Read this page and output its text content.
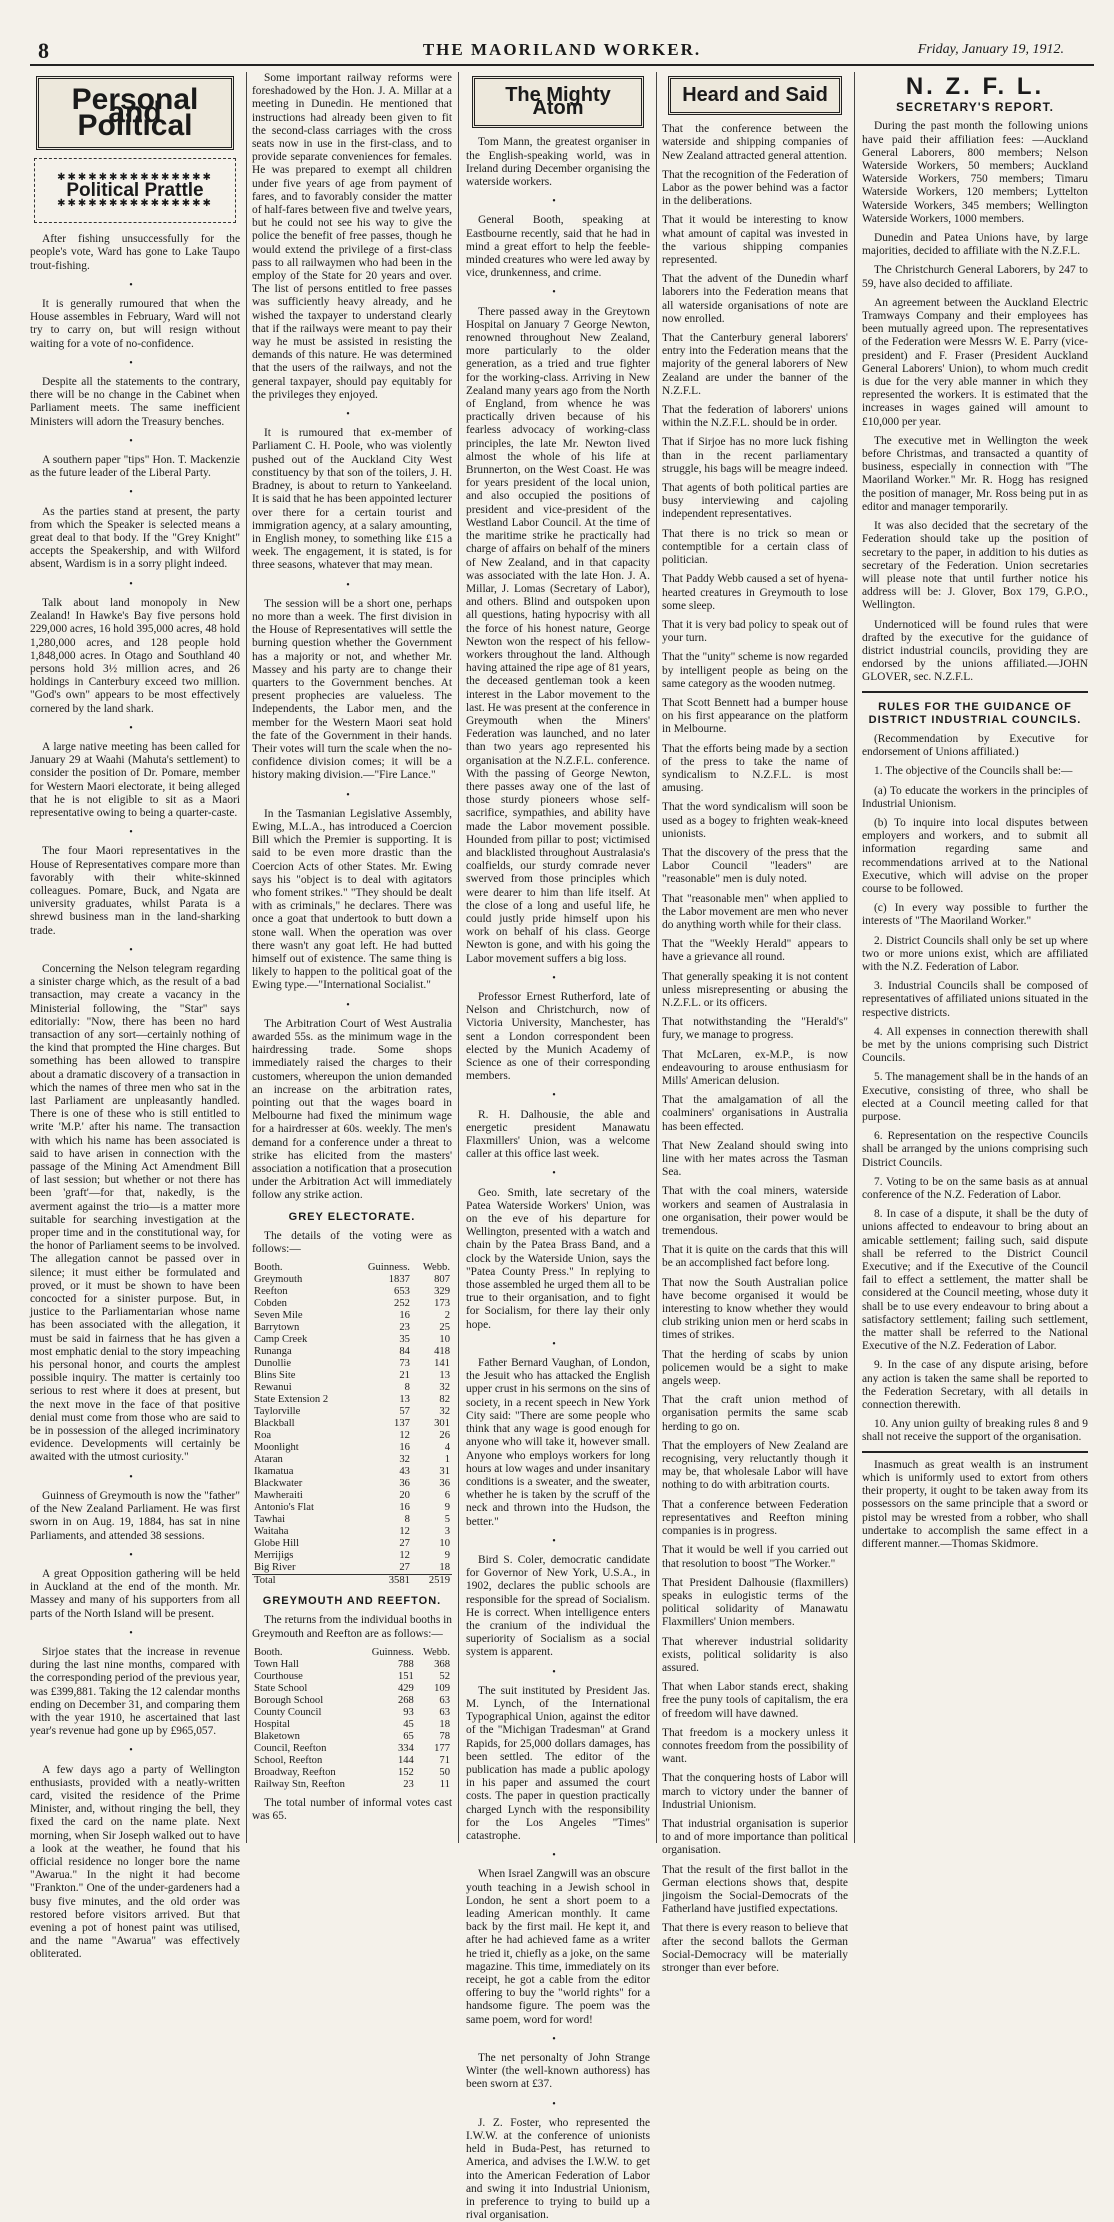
8	THE MAORILAND WORKER.	Friday, January 19, 1912.
Personal and Political
✱✱✱✱✱✱✱✱✱✱✱✱✱✱✱
Political Prattle
✱✱✱✱✱✱✱✱✱✱✱✱✱✱✱

After fishing unsuccessfully for the people's vote, Ward has gone to Lake Taupo trout-fishing.

•

It is generally rumoured that when the House assembles in February, Ward will not try to carry on, but will resign without waiting for a vote of no-confidence.

•

Despite all the statements to the contrary, there will be no change in the Cabinet when Parliament meets. The same inefficient Ministers will adorn the Treasury benches.

•

A southern paper "tips" Hon. T. Mackenzie as the future leader of the Liberal Party.

•

As the parties stand at present, the party from which the Speaker is selected means a great deal to that body. If the "Grey Knight" accepts the Speakership, and with Wilford absent, Wardism is in a sorry plight indeed.

•

Talk about land monopoly in New Zealand! In Hawke's Bay five persons hold 229,000 acres, 16 hold 395,000 acres, 48 hold 1,280,000 acres, and 128 people hold 1,848,000 acres. In Otago and Southland 40 persons hold 3½ million acres, and 26 holdings in Canterbury exceed two million. "God's own" appears to be most effectively cornered by the land shark.

•

A large native meeting has been called for January 29 at Waahi (Mahuta's settlement) to consider the position of Dr. Pomare, member for Western Maori electorate, it being alleged that he is not eligible to sit as a Maori representative owing to being a quarter-caste.

•

The four Maori representatives in the House of Representatives compare more than favorably with their white-skinned colleagues. Pomare, Buck, and Ngata are university graduates, whilst Parata is a shrewd business man in the land-sharking trade.

•

Concerning the Nelson telegram regarding a sinister charge which, as the result of a bad transaction, may create a vacancy in the Ministerial following, the "Star" says editorially: "Now, there has been no hard transaction of any sort—certainly nothing of the kind that prompted the Hine charges. But something has been allowed to transpire about a dramatic discovery of a transaction in which the names of three men who sat in the last Parliament are unpleasantly handled. There is one of these who is still entitled to write 'M.P.' after his name. The transaction with which his name has been associated is said to have arisen in connection with the passage of the Mining Act Amendment Bill of last session; but whether or not there has been 'graft'—for that, nakedly, is the averment against the trio—is a matter more suitable for searching investigation at the proper time and in the constitutional way, for the honor of Parliament seems to be involved. The allegation cannot be passed over in silence; it must either be formulated and proved, or it must be shown to have been concocted for a sinister purpose. But, in justice to the Parliamentarian whose name has been associated with the allegation, it must be said in fairness that he has given a most emphatic denial to the story impeaching his personal honor, and courts the amplest possible inquiry. The matter is certainly too serious to rest where it does at present, but the next move in the face of that positive denial must come from those who are said to be in possession of the alleged incriminatory evidence. Developments will certainly be awaited with the utmost curiosity."

•

Guinness of Greymouth is now the "father" of the New Zealand Parliament. He was first sworn in on Aug. 19, 1884, has sat in nine Parliaments, and attended 38 sessions.

•

A great Opposition gathering will be held in Auckland at the end of the month. Mr. Massey and many of his supporters from all parts of the North Island will be present.

•

Sirjoe states that the increase in revenue during the last nine months, compared with the corresponding period of the previous year, was £399,881. Taking the 12 calendar months ending on December 31, and comparing them with the year 1910, he ascertained that last year's revenue had gone up by £965,057.

•

A few days ago a party of Wellington enthusiasts, provided with a neatly-written card, visited the residence of the Prime Minister, and, without ringing the bell, they fixed the card on the name plate. Next morning, when Sir Joseph walked out to have a look at the weather, he found that his official residence no longer bore the name "Awarua." In the night it had become "Frankton." One of the under-gardeners had a busy five minutes, and the old order was restored before visitors arrived. But that evening a pot of honest paint was utilised, and the name "Awarua" was effectively obliterated.

Some important railway reforms were foreshadowed by the Hon. J. A. Millar at a meeting in Dunedin. He mentioned that instructions had already been given to fit the second-class carriages with the cross seats now in use in the first-class, and to provide separate conveniences for females. He was prepared to exempt all children under five years of age from payment of fares, and to favorably consider the matter of half-fares between five and twelve years, but he could not see his way to give the police the benefit of free passes, though he would extend the privilege of a first-class pass to all railwaymen who had been in the employ of the State for 20 years and over. The list of persons entitled to free passes was sufficiently heavy already, and he wished the taxpayer to understand clearly that if the railways were meant to pay their way he must be assisted in resisting the demands of this nature. He was determined that the users of the railways, and not the general taxpayer, should pay equitably for the privileges they enjoyed.

•

It is rumoured that ex-member of Parliament C. H. Poole, who was violently pushed out of the Auckland City West constituency by that son of the toilers, J. H. Bradney, is about to return to Yankeeland. It is said that he has been appointed lecturer over there for a certain tourist and immigration agency, at a salary amounting, in English money, to something like £15 a week. The engagement, it is stated, is for three seasons, whatever that may mean.

•

The session will be a short one, perhaps no more than a week. The first division in the House of Representatives will settle the burning question whether the Government has a majority or not, and whether Mr. Massey and his party are to change their quarters to the Government benches. At present prophecies are valueless. The Independents, the Labor men, and the member for the Western Maori seat hold the fate of the Government in their hands. Their votes will turn the scale when the no-confidence division comes; it will be a history making division.—"Fire Lance."

•

In the Tasmanian Legislative Assembly, Ewing, M.L.A., has introduced a Coercion Bill which the Premier is supporting. It is said to be even more drastic than the Coercion Acts of other States. Mr. Ewing says his "object is to deal with agitators who foment strikes." "They should be dealt with as criminals," he declares. There was once a goat that undertook to butt down a stone wall. When the operation was over there wasn't any goat left. He had butted himself out of existence. The same thing is likely to happen to the political goat of the Ewing type.—"International Socialist."

•

The Arbitration Court of West Australia awarded 55s. as the minimum wage in the hairdressing trade. Some shops immediately raised the charges to their customers, whereupon the union demanded an increase on the arbitration rates, pointing out that the wages board in Melbourne had fixed the minimum wage for a hairdresser at 60s. weekly. The men's demand for a conference under a threat to strike has elicited from the masters' association a notification that a prosecution under the Arbitration Act will immediately follow any strike action.

GREY ELECTORATE.

The details of the voting were as follows:—

Booth.	Guinness.	Webb.
Greymouth	1837	807
Reefton	653	329
Cobden	252	173
Seven Mile	16	2
Barrytown	23	25
Camp Creek	35	10
Runanga	84	418
Dunollie	73	141
Blins Site	21	13
Rewanui	8	32
State Extension 2	13	82
Taylorville	57	32
Blackball	137	301
Roa	12	26
Moonlight	16	4
Ataran	32	1
Ikamatua	43	31
Blackwater	36	36
Mawheraiti	20	6
Antonio's Flat	16	9
Tawhai	8	5
Waitaha	12	3
Globe Hill	27	10
Merrijigs	12	9
Big River	27	18
Total	3581	2519
GREYMOUTH AND REEFTON.

The returns from the individual booths in Greymouth and Reefton are as follows:—

Booth.	Guinness.	Webb.
Town Hall	788	368
Courthouse	151	52
State School	429	109
Borough School	268	63
County Council	93	63
Hospital	45	18
Blaketown	65	78
Council, Reefton	334	177
School, Reefton	144	71
Broadway, Reefton	152	50
Railway Stn, Reefton	23	11

The total number of informal votes cast was 65.

The Mighty Atom

Tom Mann, the greatest organiser in the English-speaking world, was in Ireland during December organising the waterside workers.

•

General Booth, speaking at Eastbourne recently, said that he had in mind a great effort to help the feeble-minded creatures who were led away by vice, drunkenness, and crime.

•

There passed away in the Greytown Hospital on January 7 George Newton, renowned throughout New Zealand, more particularly to the older generation, as a tried and true fighter for the working-class. Arriving in New Zealand many years ago from the North of England, from whence he was practically driven because of his fearless advocacy of working-class principles, the late Mr. Newton lived almost the whole of his life at Brunnerton, on the West Coast. He was for years president of the local union, and also occupied the positions of president and vice-president of the Westland Labor Council. At the time of the maritime strike he practically had charge of affairs on behalf of the miners of New Zealand, and in that capacity was associated with the late Hon. J. A. Millar, J. Lomas (Secretary of Labor), and others. Blind and outspoken upon all questions, hating hypocrisy with all the force of his honest nature, George Newton won the respect of his fellow-workers throughout the land. Although having attained the ripe age of 81 years, the deceased gentleman took a keen interest in the Labor movement to the last. He was present at the conference in Greymouth when the Miners' Federation was launched, and no later than two years ago represented his organisation at the N.Z.F.L. conference. With the passing of George Newton, there passes away one of the last of those sturdy pioneers whose self-sacrifice, sympathies, and ability have made the Labor movement possible. Hounded from pillar to post; victimised and blacklisted throughout Australasia's coalfields, our sturdy comrade never swerved from those principles which were dearer to him than life itself. At the close of a long and useful life, he could justly pride himself upon his work on behalf of his class. George Newton is gone, and with his going the Labor movement suffers a big loss.

•

Professor Ernest Rutherford, late of Nelson and Christchurch, now of Victoria University, Manchester, has sent a London correspondent been elected by the Munich Academy of Science as one of their corresponding members.

•

R. H. Dalhousie, the able and energetic president Manawatu Flaxmillers' Union, was a welcome caller at this office last week.

•

Geo. Smith, late secretary of the Patea Waterside Workers' Union, was on the eve of his departure for Wellington, presented with a watch and chain by the Patea Brass Band, and a clock by the Waterside Union, says the "Patea County Press." In replying to those assembled he urged them all to be true to their organisation, and to fight for Socialism, for there lay their only hope.

•

Father Bernard Vaughan, of London, the Jesuit who has attacked the English upper crust in his sermons on the sins of society, in a recent speech in New York City said: "There are some people who think that any wage is good enough for anyone who will take it, however small. Anyone who employs workers for long hours at low wages and under insanitary conditions is a sweater, and the sweater, whether he is taken by the scruff of the neck and thrown into the Hudson, the better."

•

Bird S. Coler, democratic candidate for Governor of New York, U.S.A., in 1902, declares the public schools are responsible for the spread of Socialism. He is correct. When intelligence enters the cranium of the individual the superiority of Socialism as a social system is apparent.

•

The suit instituted by President Jas. M. Lynch, of the International Typographical Union, against the editor of the "Michigan Tradesman" at Grand Rapids, for 25,000 dollars damages, has been settled. The editor of the publication has made a public apology in his paper and assumed the court costs. The paper in question practically charged Lynch with the responsibility for the Los Angeles "Times" catastrophe.

•

When Israel Zangwill was an obscure youth teaching in a Jewish school in London, he sent a short poem to a leading American monthly. It came back by the first mail. He kept it, and after he had achieved fame as a writer he tried it, chiefly as a joke, on the same magazine. This time, immediately on its receipt, he got a cable from the editor offering to buy the "world rights" for a handsome figure. The poem was the same poem, word for word!

•

The net personalty of John Strange Winter (the well-known authoress) has been sworn at £37.

•

J. Z. Foster, who represented the I.W.W. at the conference of unionists held in Buda-Pest, has returned to America, and advises the I.W.W. to get into the American Federation of Labor and swing it into Industrial Unionism, in preference to trying to build up a rival organisation.

Heard and Said

That the conference between the waterside and shipping companies of New Zealand attracted general attention.

That the recognition of the Federation of Labor as the power behind was a factor in the deliberations.

That it would be interesting to know what amount of capital was invested in the various shipping companies represented.

That the advent of the Dunedin wharf laborers into the Federation means that all waterside organisations of note are now enrolled.

That the Canterbury general laborers' entry into the Federation means that the majority of the general laborers of New Zealand are under the banner of the N.Z.F.L.

That the federation of laborers' unions within the N.Z.F.L. should be in order.

That if Sirjoe has no more luck fishing than in the recent parliamentary struggle, his bags will be meagre indeed.

That agents of both political parties are busy interviewing and cajoling independent representatives.

That there is no trick so mean or contemptible for a certain class of politician.

That Paddy Webb caused a set of hyena-hearted creatures in Greymouth to lose some sleep.

That it is very bad policy to speak out of your turn.

That the "unity" scheme is now regarded by intelligent people as being on the same category as the wooden nutmeg.

That Scott Bennett had a bumper house on his first appearance on the platform in Melbourne.

That the efforts being made by a section of the press to take the name of syndicalism to N.Z.F.L. is most amusing.

That the word syndicalism will soon be used as a bogey to frighten weak-kneed unionists.

That the discovery of the press that the Labor Council "leaders" are "reasonable" men is duly noted.

That "reasonable men" when applied to the Labor movement are men who never do anything worth while for their class.

That the "Weekly Herald" appears to have a grievance all round.

That generally speaking it is not content unless misrepresenting or abusing the N.Z.F.L. or its officers.

That notwithstanding the "Herald's" fury, we manage to progress.

That McLaren, ex-M.P., is now endeavouring to arouse enthusiasm for Mills' American delusion.

That the amalgamation of all the coalminers' organisations in Australia has been effected.

That New Zealand should swing into line with her mates across the Tasman Sea.

That with the coal miners, waterside workers and seamen of Australasia in one organisation, their power would be tremendous.

That it is quite on the cards that this will be an accomplished fact before long.

That now the South Australian police have become organised it would be interesting to know whether they would club striking union men or herd scabs in times of strikes.

That the herding of scabs by union policemen would be a sight to make angels weep.

That the craft union method of organisation permits the same scab herding to go on.

That the employers of New Zealand are recognising, very reluctantly though it may be, that wholesale Labor will have nothing to do with arbitration courts.

That a conference between Federation representatives and Reefton mining companies is in progress.

That it would be well if you carried out that resolution to boost "The Worker."

That President Dalhousie (flaxmillers) speaks in eulogistic terms of the political solidarity of Manawatu Flaxmillers' Union members.

That wherever industrial solidarity exists, political solidarity is also assured.

That when Labor stands erect, shaking free the puny tools of capitalism, the era of freedom will have dawned.

That freedom is a mockery unless it connotes freedom from the possibility of want.

That the conquering hosts of Labor will march to victory under the banner of Industrial Unionism.

That industrial organisation is superior to and of more importance than political organisation.

That the result of the first ballot in the German elections shows that, despite jingoism the Social-Democrats of the Fatherland have justified expectations.

That there is every reason to believe that after the second ballots the German Social-Democracy will be materially stronger than ever before.

N. Z. F. L.
SECRETARY'S REPORT.

During the past month the following unions have paid their affiliation fees: —Auckland General Laborers, 800 members; Nelson Waterside Workers, 50 members; Auckland Waterside Workers, 750 members; Timaru Waterside Workers, 120 members; Lyttelton Waterside Workers, 345 members; Wellington Waterside Workers, 1000 members.

Dunedin and Patea Unions have, by large majorities, decided to affiliate with the N.Z.F.L.

The Christchurch General Laborers, by 247 to 59, have also decided to affiliate.

An agreement between the Auckland Electric Tramways Company and their employees has been mutually agreed upon. The representatives of the Federation were Messrs W. E. Parry (vice-president) and F. Fraser (President Auckland General Laborers' Union), to whom much credit is due for the very able manner in which they represented the workers. It is estimated that the increases in wages gained will amount to £10,000 per year.

The executive met in Wellington the week before Christmas, and transacted a quantity of business, especially in connection with "The Maoriland Worker." Mr. R. Hogg has resigned the position of manager, Mr. Ross being put in as editor and manager temporarily.

It was also decided that the secretary of the Federation should take up the position of secretary to the paper, in addition to his duties as secretary of the Federation. Union secretaries will please note that until further notice his address will be: J. Glover, Box 179, G.P.O., Wellington.

Undernoticed will be found rules that were drafted by the executive for the guidance of district industrial councils, providing they are endorsed by the unions affiliated.—JOHN GLOVER, sec. N.Z.F.L.

RULES FOR THE GUIDANCE OF DISTRICT INDUSTRIAL COUNCILS.

(Recommendation by Executive for endorsement of Unions affiliated.)

1. The objective of the Councils shall be:—

(a) To educate the workers in the principles of Industrial Unionism.

(b) To inquire into local disputes between employers and workers, and to submit all information regarding same and recommendations arrived at to the National Executive, which will advise on the proper course to be followed.

(c) In every way possible to further the interests of "The Maoriland Worker."

2. District Councils shall only be set up where two or more unions exist, which are affiliated with the N.Z. Federation of Labor.

3. Industrial Councils shall be composed of representatives of affiliated unions situated in the respective districts.

4. All expenses in connection therewith shall be met by the unions comprising such District Councils.

5. The management shall be in the hands of an Executive, consisting of three, who shall be elected at a Council meeting called for that purpose.

6. Representation on the respective Councils shall be arranged by the unions comprising such District Councils.

7. Voting to be on the same basis as at annual conference of the N.Z. Federation of Labor.

8. In case of a dispute, it shall be the duty of unions affected to endeavour to bring about an amicable settlement; failing such, said dispute shall be referred to the District Council Executive; and if the Executive of the Council fail to effect a settlement, the matter shall be considered at the Council meeting, whose duty it shall be to use every endeavour to bring about a satisfactory settlement; failing such settlement, the matter shall be referred to the National Executive of the N.Z. Federation of Labor.

9. In the case of any dispute arising, before any action is taken the same shall be reported to the Federation Secretary, with all details in connection therewith.

10. Any union guilty of breaking rules 8 and 9 shall not receive the support of the organisation.

Inasmuch as great wealth is an instrument which is uniformly used to extort from others their property, it ought to be taken away from its possessors on the same principle that a sword or pistol may be wrested from a robber, who shall undertake to accomplish the same effect in a different manner.—Thomas Skidmore.
